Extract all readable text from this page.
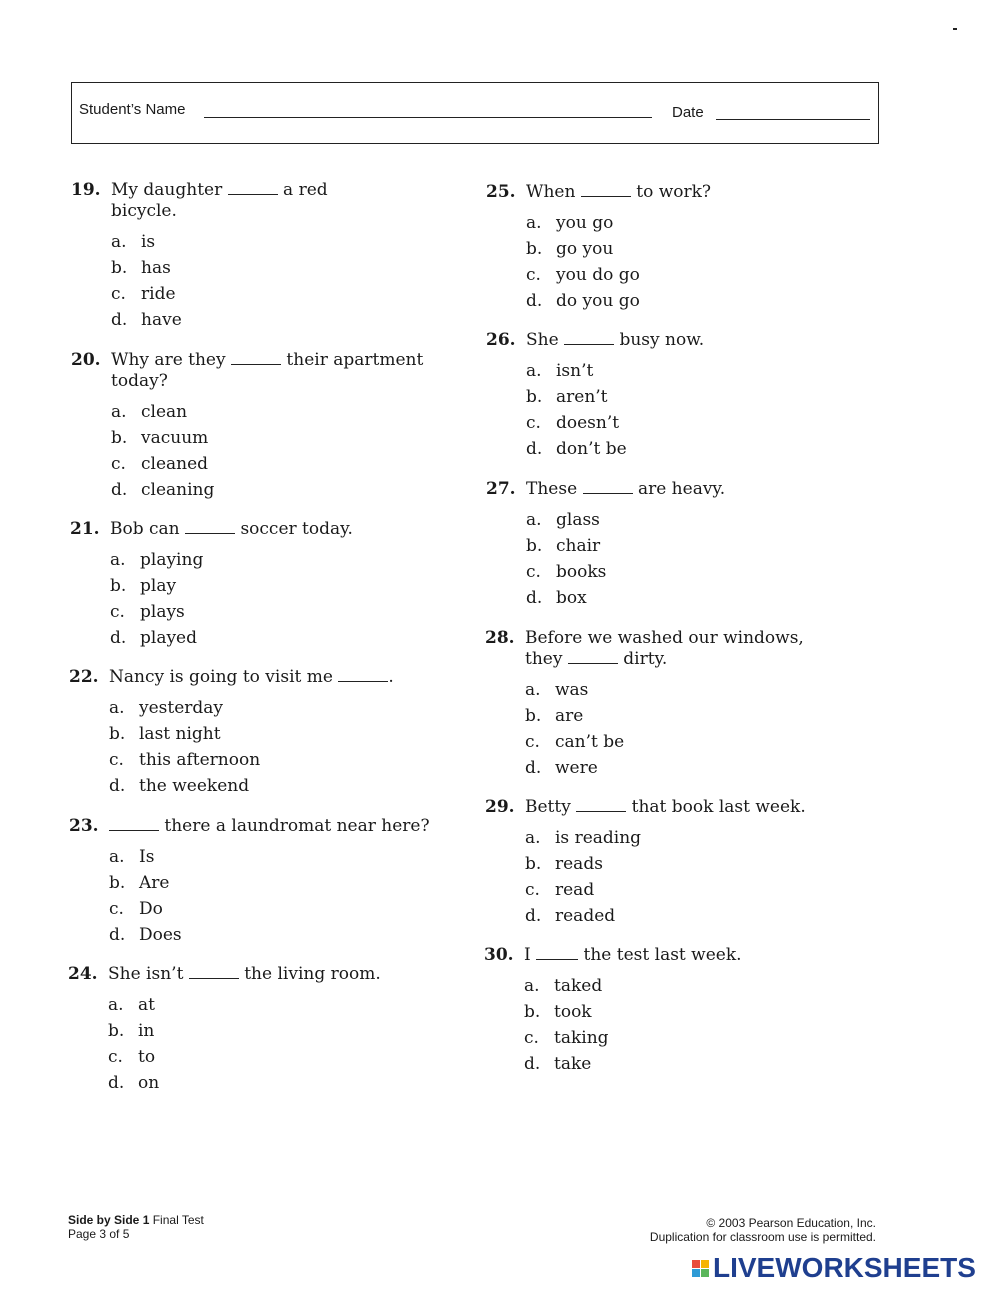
Student’s Name	Date
19. My daughter	a red
bicycle.
a. is
b. has
c. ride
d. have
20. Why are they	their apartment
today?
a. clean
b. vacuum
c. cleaned
d. cleaning
21. Bob can	soccer today.
a. playing
b. play
c. plays
d. played
22. Nancy is going to visit me	.
a. yesterday
b. last night
c. this afternoon
d. the weekend
23.	there a laundromat near here?
a. Is
b. Are
c. Do
d. Does
24. She isn’t	the living room.
a. at
b. in
c. to
d. on
25. When	to work?
a. you go
b. go you
c. you do go
d. do you go
26. She	busy now.
a. isn’t
b. aren’t
c. doesn’t
d. don’t be
27. These	are heavy.
a. glass
b. chair
c. books
d. box
28. Before we washed our windows,
they	dirty.
a. was
b. are
c. can’t be
d. were
29. Betty	that book last week.
a. is reading
b. reads
c. read
d. readed
30. I	the test last week.
a. taked
b. took
c. taking
d. take
Side by Side 1 Final Test
Page 3 of 5
© 2003 Pearson Education, Inc.
Duplication for classroom use is permitted.
LIVEWORKSHEETS
